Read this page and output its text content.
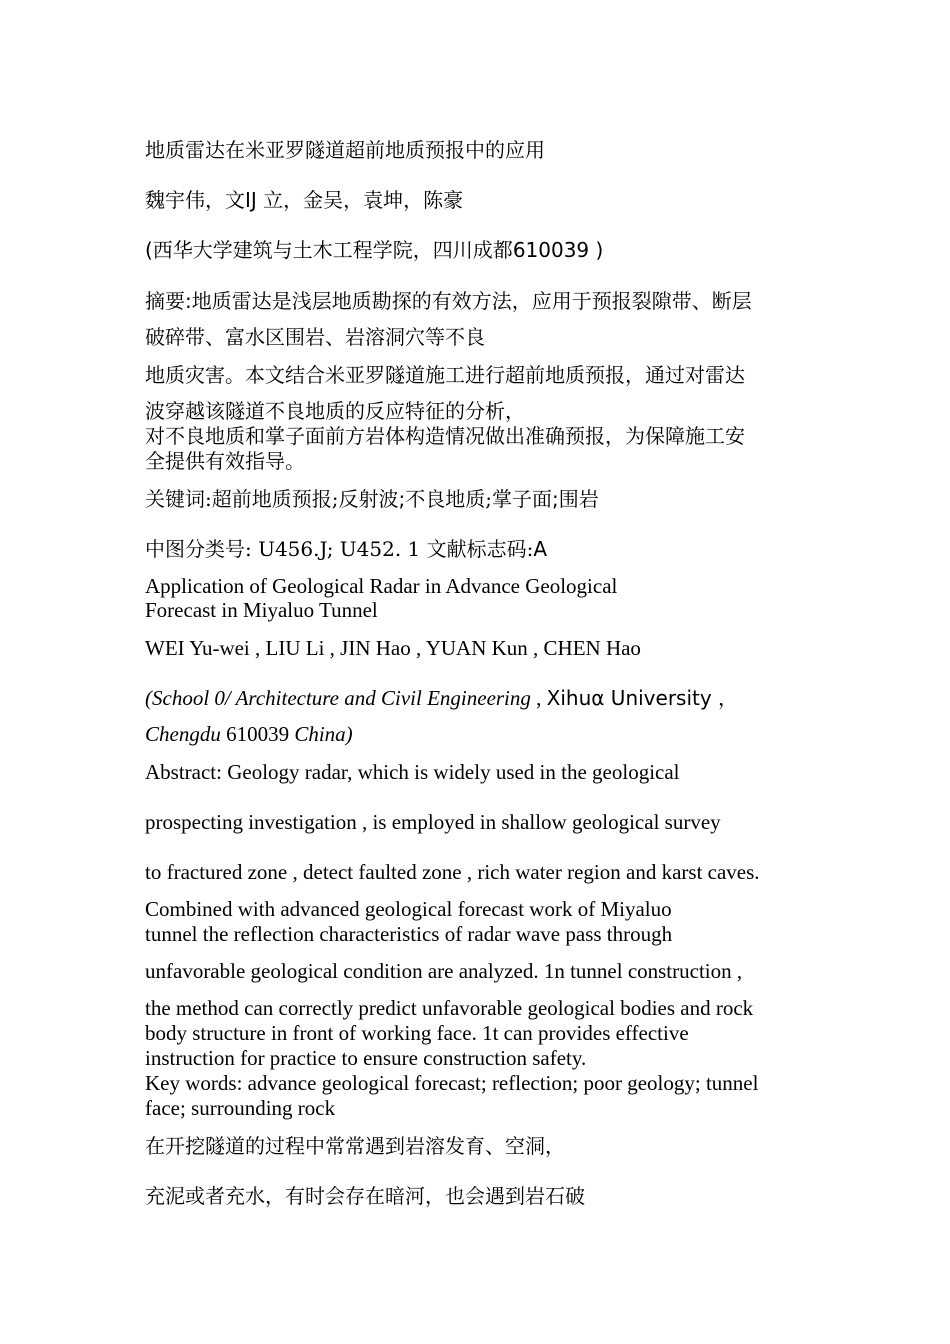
地质雷达在米亚罗隧道超前地质预报中的应用
魏宇伟，文IJ 立，金吴，袁坤，陈豪
(西华大学建筑与土木工程学院，四川成都610039 )
摘要:地质雷达是浅层地质勘探的有效方法，应用于预报裂隙带、断层
破碎带、富水区围岩、岩溶洞穴等不良
地质灾害。本文结合米亚罗隧道施工进行超前地质预报，通过对雷达
波穿越该隧道不良地质的反应特征的分析，
对不良地质和掌子面前方岩体构造情况做出准确预报，为保障施工安
全提供有效指导。
关键词:超前地质预报;反射波;不良地质;掌子面;围岩
中图分类号: U456.J; U452. 1 文献标志码:A
Application of Geological Radar in Advance Geological
Forecast in Miyaluo Tunnel
WEI Yu-wei , LIU Li , JIN Hao , YUAN Kun , CHEN Hao
(School 0/ Architecture and Civil Engineering , Xihuα University ，
Chengdu 610039 China)
Abstract: Geology radar, which is widely used in the geological
prospecting investigation , is employed in shallow geological survey
to fractured zone , detect faulted zone , rich water region and karst caves.
Combined with advanced geological forecast work of Miyaluo
tunnel the reflection characteristics of radar wave pass through
unfavorable geological condition are analyzed. 1n tunnel construction ,
the method can correctly predict unfavorable geological bodies and rock
body structure in front of working face. 1t can provides effective
instruction for practice to ensure construction safety.
Key words: advance geological forecast; reflection; poor geology; tunnel
face; surrounding rock
在开挖隧道的过程中常常遇到岩溶发育、空洞，
充泥或者充水，有时会存在暗河，也会遇到岩石破
